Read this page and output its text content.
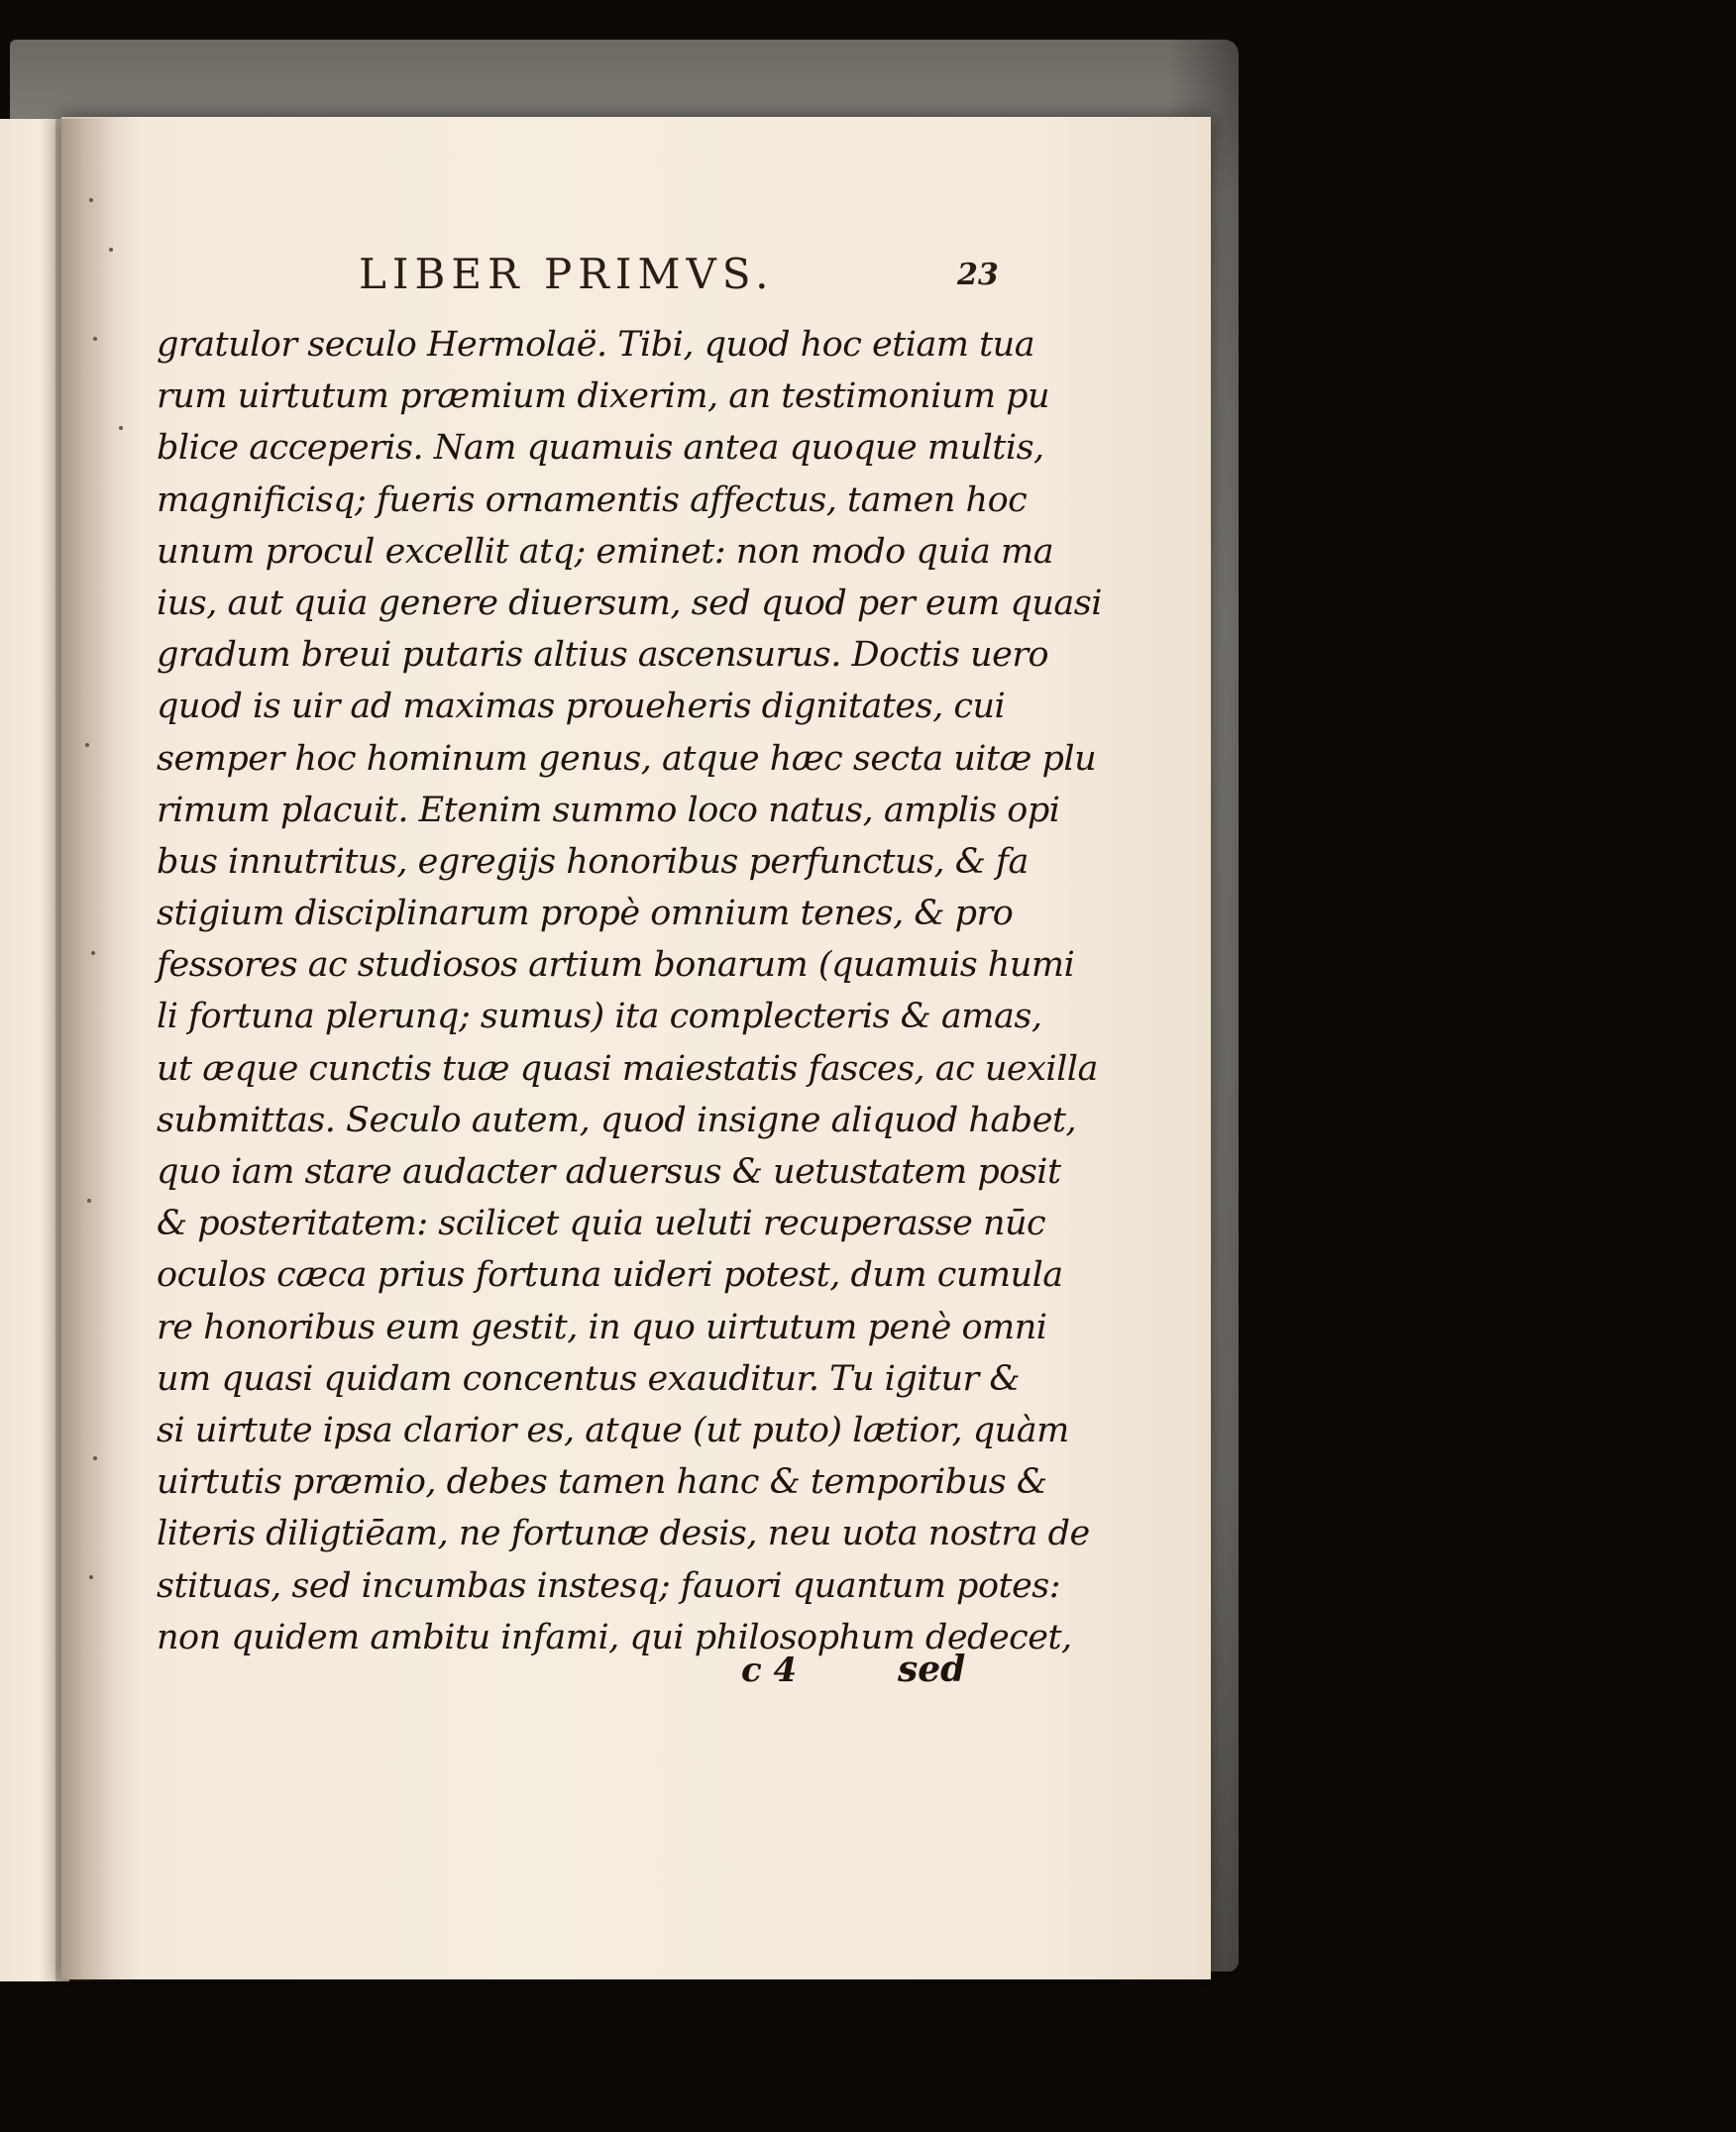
LIBER PRIMVS.	23
gratulor seculo Hermolaë. Tibi, quod hoc etiam tua
rum uirtutum præmium dixerim, an testimonium pu
blice acceperis. Nam quamuis antea quoque multis,
magnificisq; fueris ornamentis affectus, tamen hoc
unum procul excellit atq; eminet: non modo quia ma
ius, aut quia genere diuersum, sed quod per eum quasi
gradum breui putaris altius ascensurus. Doctis uero
quod is uir ad maximas proueheris dignitates, cui
semper hoc hominum genus, atque hæc secta uitæ plu
rimum placuit. Etenim summo loco natus, amplis opi
bus innutritus, egregijs honoribus perfunctus, & fa
stigium disciplinarum propè omnium tenes, & pro
fessores ac studiosos artium bonarum (quamuis humi
li fortuna plerunq; sumus) ita complecteris & amas,
ut æque cunctis tuæ quasi maiestatis fasces, ac uexilla
submittas. Seculo autem, quod insigne aliquod habet,
quo iam stare audacter aduersus & uetustatem posit
& posteritatem: scilicet quia ueluti recuperasse nūc
oculos cæca prius fortuna uideri potest, dum cumula
re honoribus eum gestit, in quo uirtutum penè omni
um quasi quidam concentus exauditur. Tu igitur &
si uirtute ipsa clarior es, atque (ut puto) lætior, quàm
uirtutis præmio, debes tamen hanc & temporibus &
literis diligtiēam, ne fortunæ desis, neu uota nostra de
stituas, sed incumbas instesq; fauori quantum potes:
non quidem ambitu infami, qui philosophum dedecet,
c 4	sed
